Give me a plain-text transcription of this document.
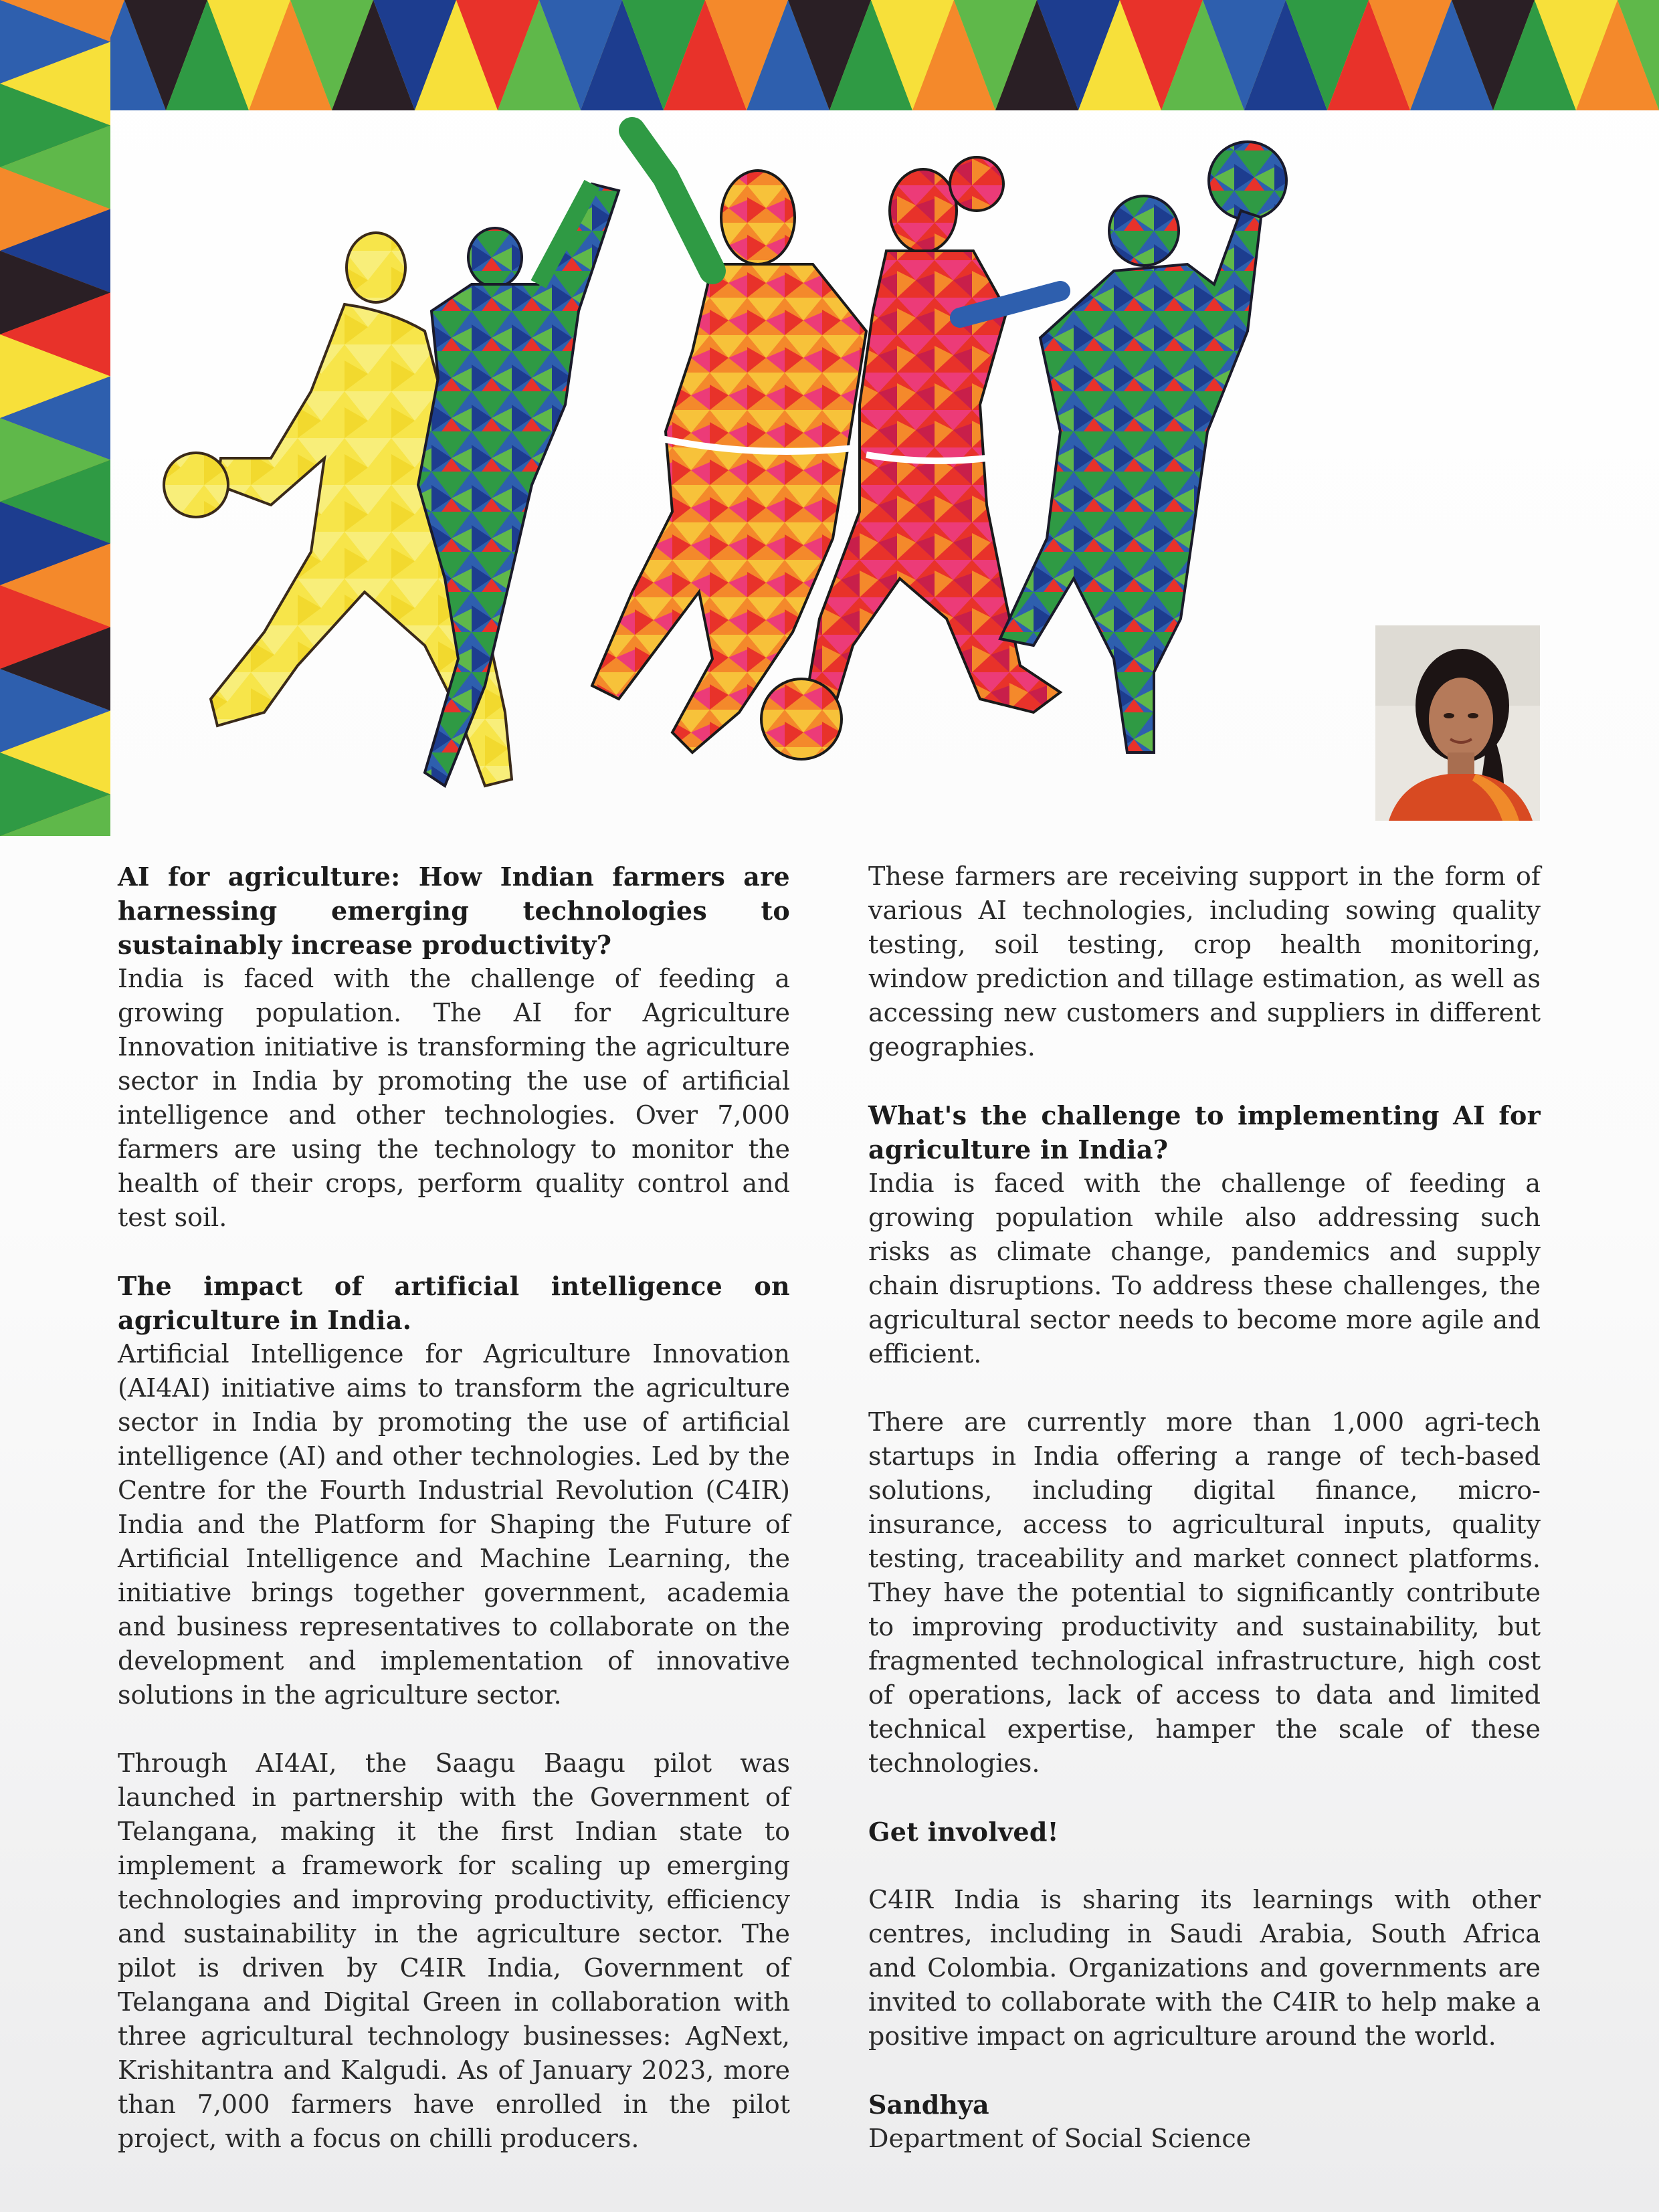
AI for agriculture: How Indian farmers are harnessing emerging technologies to sustainably increase productivity?

India is faced with the challenge of feeding a growing population. The AI for Agriculture Innovation initiative is transforming the agriculture sector in India by promoting the use of artificial intelligence and other technologies. Over 7,000 farmers are using the technology to monitor the health of their crops, perform quality control and test soil.

The impact of artificial intelligence on agriculture in India.

Artificial Intelligence for Agriculture Innovation (AI4AI) initiative aims to transform the agriculture sector in India by promoting the use of artificial intelligence (AI) and other technologies. Led by the Centre for the Fourth Industrial Revolution (C4IR) India and the Platform for Shaping the Future of Artificial Intelligence and Machine Learning, the initiative brings together government, academia and business representatives to collaborate on the development and implementation of innovative solutions in the agriculture sector.

Through AI4AI, the Saagu Baagu pilot was launched in partnership with the Government of Telangana, making it the first Indian state to implement a framework for scaling up emerging technologies and improving productivity, efficiency and sustainability in the agriculture sector. The pilot is driven by C4IR India, Government of Telangana and Digital Green in collaboration with three agricultural technology businesses: AgNext, Krishitantra and Kalgudi. As of January 2023, more than 7,000 farmers have enrolled in the pilot project, with a focus on chilli producers.

These farmers are receiving support in the form of various AI technologies, including sowing quality testing, soil testing, crop health monitoring, window prediction and tillage estimation, as well as accessing new customers and suppliers in different geographies.

What's the challenge to implementing AI for agriculture in India?

India is faced with the challenge of feeding a growing population while also addressing such risks as climate change, pandemics and supply chain disruptions. To address these challenges, the agricultural sector needs to become more agile and efficient.

There are currently more than 1,000 agri-tech startups in India offering a range of tech-based solutions, including digital finance, micro-insurance, access to agricultural inputs, quality testing, traceability and market connect platforms. They have the potential to significantly contribute to improving productivity and sustainability, but fragmented technological infrastructure, high cost of operations, lack of access to data and limited technical expertise, hamper the scale of these technologies.

Get involved!

C4IR India is sharing its learnings with other centres, including in Saudi Arabia, South Africa and Colombia. Organizations and governments are invited to collaborate with the C4IR to help make a positive impact on agriculture around the world.

Sandhya
Department of Social Science
